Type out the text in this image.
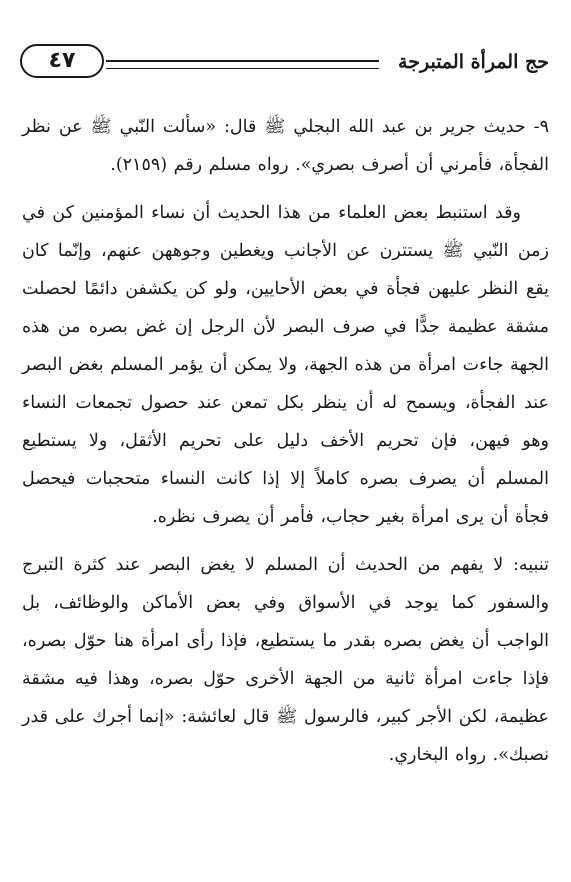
حج المرأة المتبرجة
٤٧

٩- حديث جرير بن عبد الله البجلي ﷺ قال: «سألت النّبي ﷺ عن نظر الفجأة، فأمرني أن أصرف بصري». رواه مسلم رقم (٢١٥٩).

وقد استنبط بعض العلماء من هذا الحديث أن نساء المؤمنين كن في زمن النّبي ﷺ يستترن عن الأجانب ويغطين وجوههن عنهم، وإنّما كان يقع النظر عليهن فجأة في بعض الأحايين، ولو كن يكشفن دائمًا لحصلت مشقة عظيمة جدًّا في صرف البصر لأن الرجل إن غض بصره من هذه الجهة جاءت امرأة من هذه الجهة، ولا يمكن أن يؤمر المسلم بغض البصر عند الفجأة، ويسمح له أن ينظر بكل تمعن عند حصول تجمعات النساء وهو فيهن، فإن تحريم الأخف دليل على تحريم الأثقل، ولا يستطيع المسلم أن يصرف بصره كاملاً إلا إذا كانت النساء متحجبات فيحصل فجأة أن يرى امرأة بغير حجاب، فأمر أن يصرف نظره.

تنبيه: لا يفهم من الحديث أن المسلم لا يغض البصر عند كثرة التبرج والسفور كما يوجد في الأسواق وفي بعض الأماكن والوظائف، بل الواجب أن يغض بصره بقدر ما يستطيع، فإذا رأى امرأة هنا حوّل بصره، فإذا جاءت امرأة ثانية من الجهة الأخرى حوّل بصره، وهذا فيه مشقة عظيمة، لكن الأجر كبير، فالرسول ﷺ قال لعائشة: «إنما أجرك على قدر نصبك». رواه البخاري.
